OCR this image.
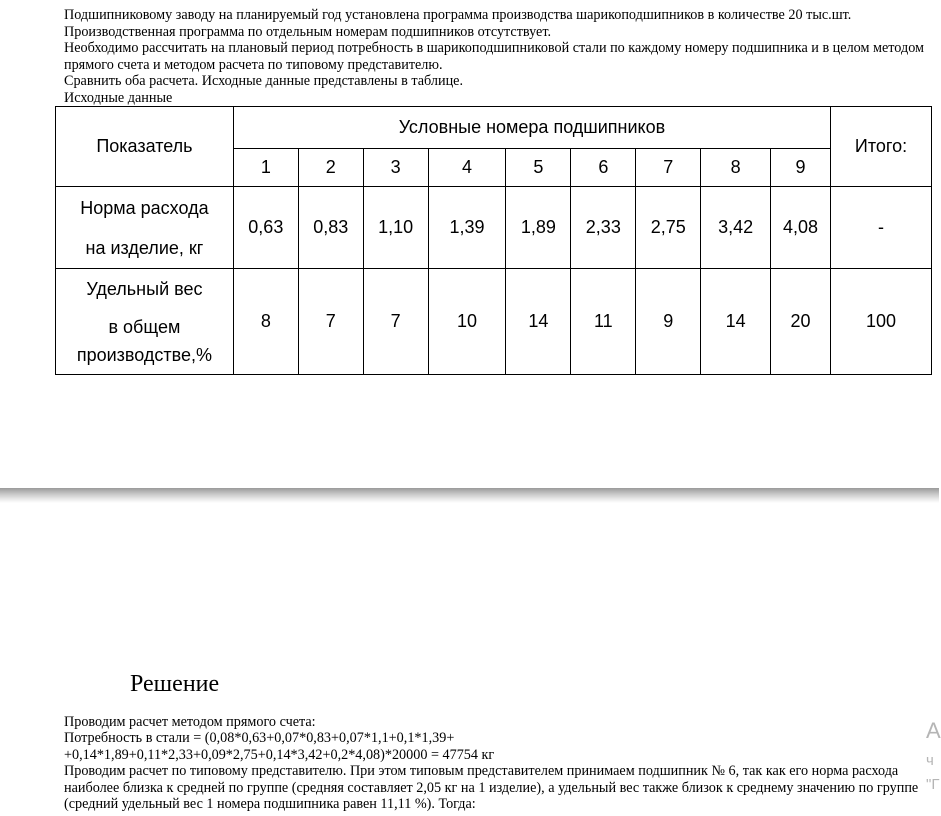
Подшипниковому заводу на планируемый год установлена программа производства шарикоподшипников в количестве 20 тыс.шт.

Производственная программа по отдельным номерам подшипников отсутствует.

Необходимо рассчитать на плановый период потребность в шарикоподшипниковой стали по каждому номеру подшипника и в целом методом прямого счета и методом расчета по типовому представителю.

Сравнить оба расчета. Исходные данные представлены в таблице.

Исходные данные

Показатель	Условные номера подшипников									Итого:
	1	2	3	4	5	6	7	8	9	

Норма расхода
на изделие, кг	0,63	0,83	1,10	1,39	1,89	2,33	2,75	3,42	4,08	-

Удельный вес
в общем
производстве,%	8	7	7	10	14	11	9	14	20	100
Решение

Проводим расчет методом прямого счета:

Потребность в стали = (0,08*0,63+0,07*0,83+0,07*1,1+0,1*1,39+

+0,14*1,89+0,11*2,33+0,09*2,75+0,14*3,42+0,2*4,08)*20000 = 47754 кг

Проводим расчет по типовому представителю. При этом типовым представителем принимаем подшипник № 6, так как его норма расхода наиболее близка к средней по группе (средняя составляет 2,05 кг на 1 изделие), а удельный вес также близок к среднему значению по группе (средний удельный вес 1 номера подшипника равен 11,11 %). Тогда:

А
ч
"Г
